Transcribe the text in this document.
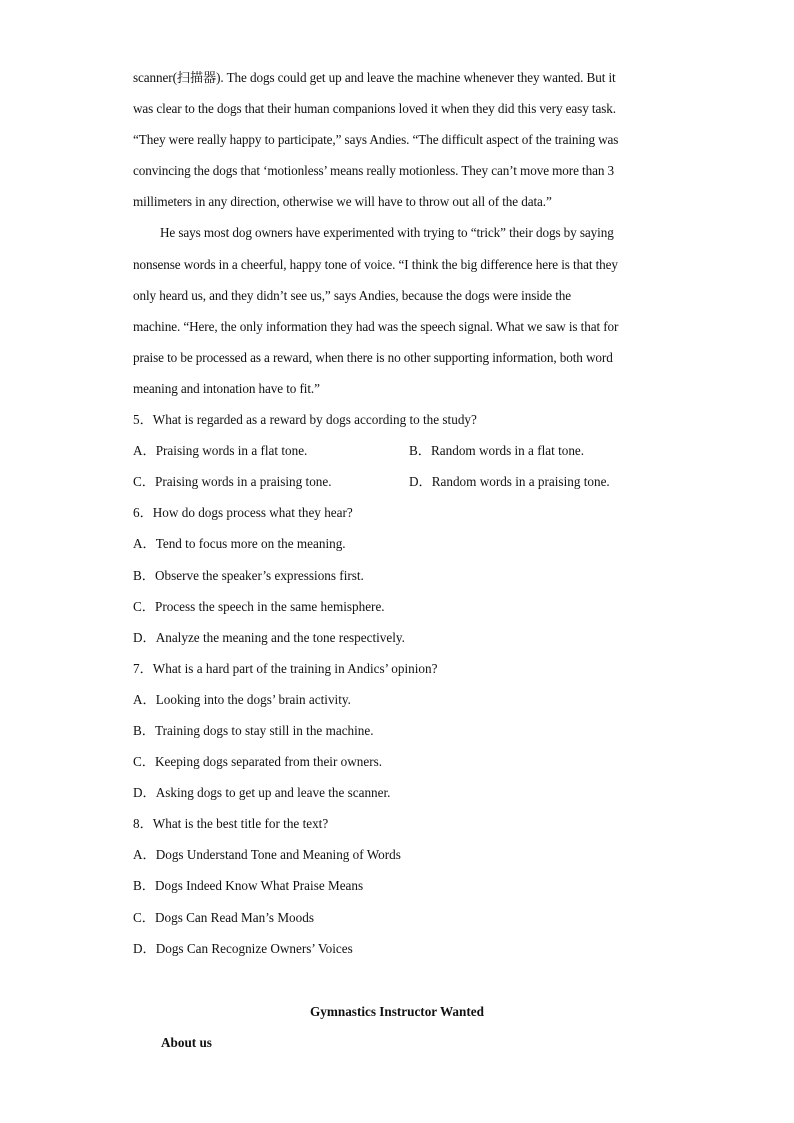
scanner(扫描器). The dogs could get up and leave the machine whenever they wanted. But it
was clear to the dogs that their human companions loved it when they did this very easy task.
“They were really happy to participate,” says Andies. “The difficult aspect of the training was
convincing the dogs that ‘motionless’ means really motionless. They can’t move more than 3
millimeters in any direction, otherwise we will have to throw out all of the data.”
He says most dog owners have experimented with trying to “trick” their dogs by saying
nonsense words in a cheerful, happy tone of voice. “I think the big difference here is that they
only heard us, and they didn’t see us,” says Andies, because the dogs were inside the
machine. “Here, the only information they had was the speech signal. What we saw is that for
praise to be processed as a reward, when there is no other supporting information, both word
meaning and intonation have to fit.”
5．What is regarded as a reward by dogs according to the study?
A．Praising words in a flat tone.	B．Random words in a flat tone.
C．Praising words in a praising tone.	D．Random words in a praising tone.
6．How do dogs process what they hear?
A．Tend to focus more on the meaning.
B．Observe the speaker’s expressions first.
C．Process the speech in the same hemisphere.
D．Analyze the meaning and the tone respectively.
7．What is a hard part of the training in Andics’ opinion?
A．Looking into the dogs’ brain activity.
B．Training dogs to stay still in the machine.
C．Keeping dogs separated from their owners.
D．Asking dogs to get up and leave the scanner.
8．What is the best title for the text?
A．Dogs Understand Tone and Meaning of Words
B．Dogs Indeed Know What Praise Means
C．Dogs Can Read Man’s Moods
D．Dogs Can Recognize Owners’ Voices
Gymnastics Instructor Wanted
About us
